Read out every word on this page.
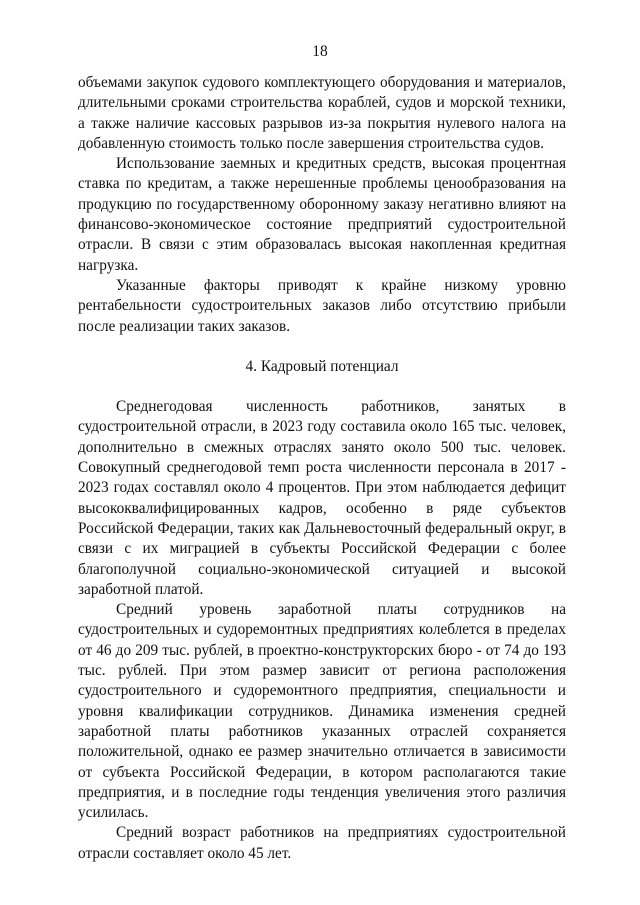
18

объемами закупок судового комплектующего оборудования и материалов, длительными сроками строительства кораблей, судов и морской техники, а также наличие кассовых разрывов из-за покрытия нулевого налога на добавленную стоимость только после завершения строительства судов.

Использование заемных и кредитных средств, высокая процентная ставка по кредитам, а также нерешенные проблемы ценообразования на продукцию по государственному оборонному заказу негативно влияют на финансово-экономическое состояние предприятий судостроительной отрасли. В связи с этим образовалась высокая накопленная кредитная нагрузка.

Указанные факторы приводят к крайне низкому уровню рентабельности судостроительных заказов либо отсутствию прибыли после реализации таких заказов.

4. Кадровый потенциал

Среднегодовая численность работников, занятых в судостроительной отрасли, в 2023 году составила около 165 тыс. человек, дополнительно в смежных отраслях занято около 500 тыс. человек. Совокупный среднегодовой темп роста численности персонала в 2017 - 2023 годах составлял около 4 процентов. При этом наблюдается дефицит высококвалифицированных кадров, особенно в ряде субъектов Российской Федерации, таких как Дальневосточный федеральный округ, в связи с их миграцией в субъекты Российской Федерации с более благополучной социально-экономической ситуацией и высокой заработной платой.

Средний уровень заработной платы сотрудников на судостроительных и судоремонтных предприятиях колеблется в пределах от 46 до 209 тыс. рублей, в проектно-конструкторских бюро - от 74 до 193 тыс. рублей. При этом размер зависит от региона расположения судостроительного и судоремонтного предприятия, специальности и уровня квалификации сотрудников. Динамика изменения средней заработной платы работников указанных отраслей сохраняется положительной, однако ее размер значительно отличается в зависимости от субъекта Российской Федерации, в котором располагаются такие предприятия, и в последние годы тенденция увеличения этого различия усилилась.

Средний возраст работников на предприятиях судостроительной отрасли составляет около 45 лет.
